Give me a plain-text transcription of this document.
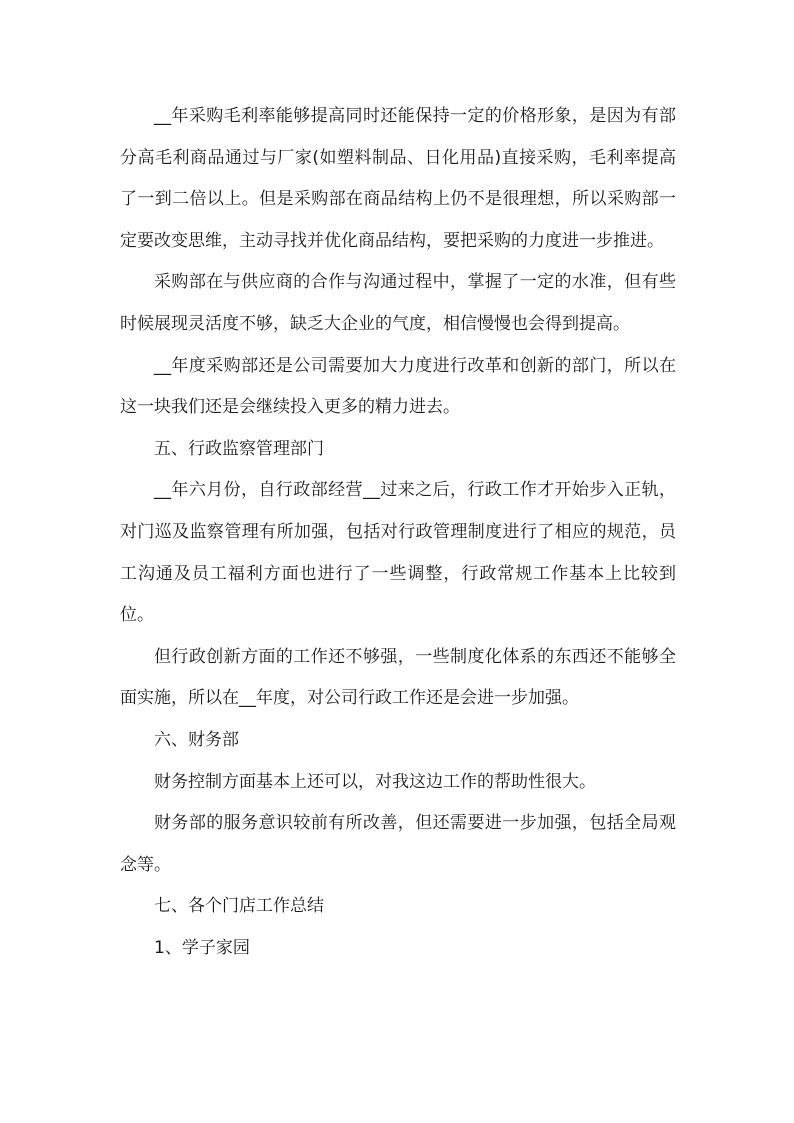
__年采购毛利率能够提高同时还能保持一定的价格形象，是因为有部分高毛利商品通过与厂家(如塑料制品、日化用品)直接采购，毛利率提高了一到二倍以上。但是采购部在商品结构上仍不是很理想，所以采购部一定要改变思维，主动寻找并优化商品结构，要把采购的力度进一步推进。

采购部在与供应商的合作与沟通过程中，掌握了一定的水准，但有些时候展现灵活度不够，缺乏大企业的气度，相信慢慢也会得到提高。

__年度采购部还是公司需要加大力度进行改革和创新的部门，所以在这一块我们还是会继续投入更多的精力进去。

五、行政监察管理部门

__年六月份，自行政部经营__过来之后，行政工作才开始步入正轨，对门巡及监察管理有所加强，包括对行政管理制度进行了相应的规范，员工沟通及员工福利方面也进行了一些调整，行政常规工作基本上比较到位。

但行政创新方面的工作还不够强，一些制度化体系的东西还不能够全面实施，所以在__年度，对公司行政工作还是会进一步加强。

六、财务部

财务控制方面基本上还可以，对我这边工作的帮助性很大。

财务部的服务意识较前有所改善，但还需要进一步加强，包括全局观念等。

七、各个门店工作总结

1、学子家园
